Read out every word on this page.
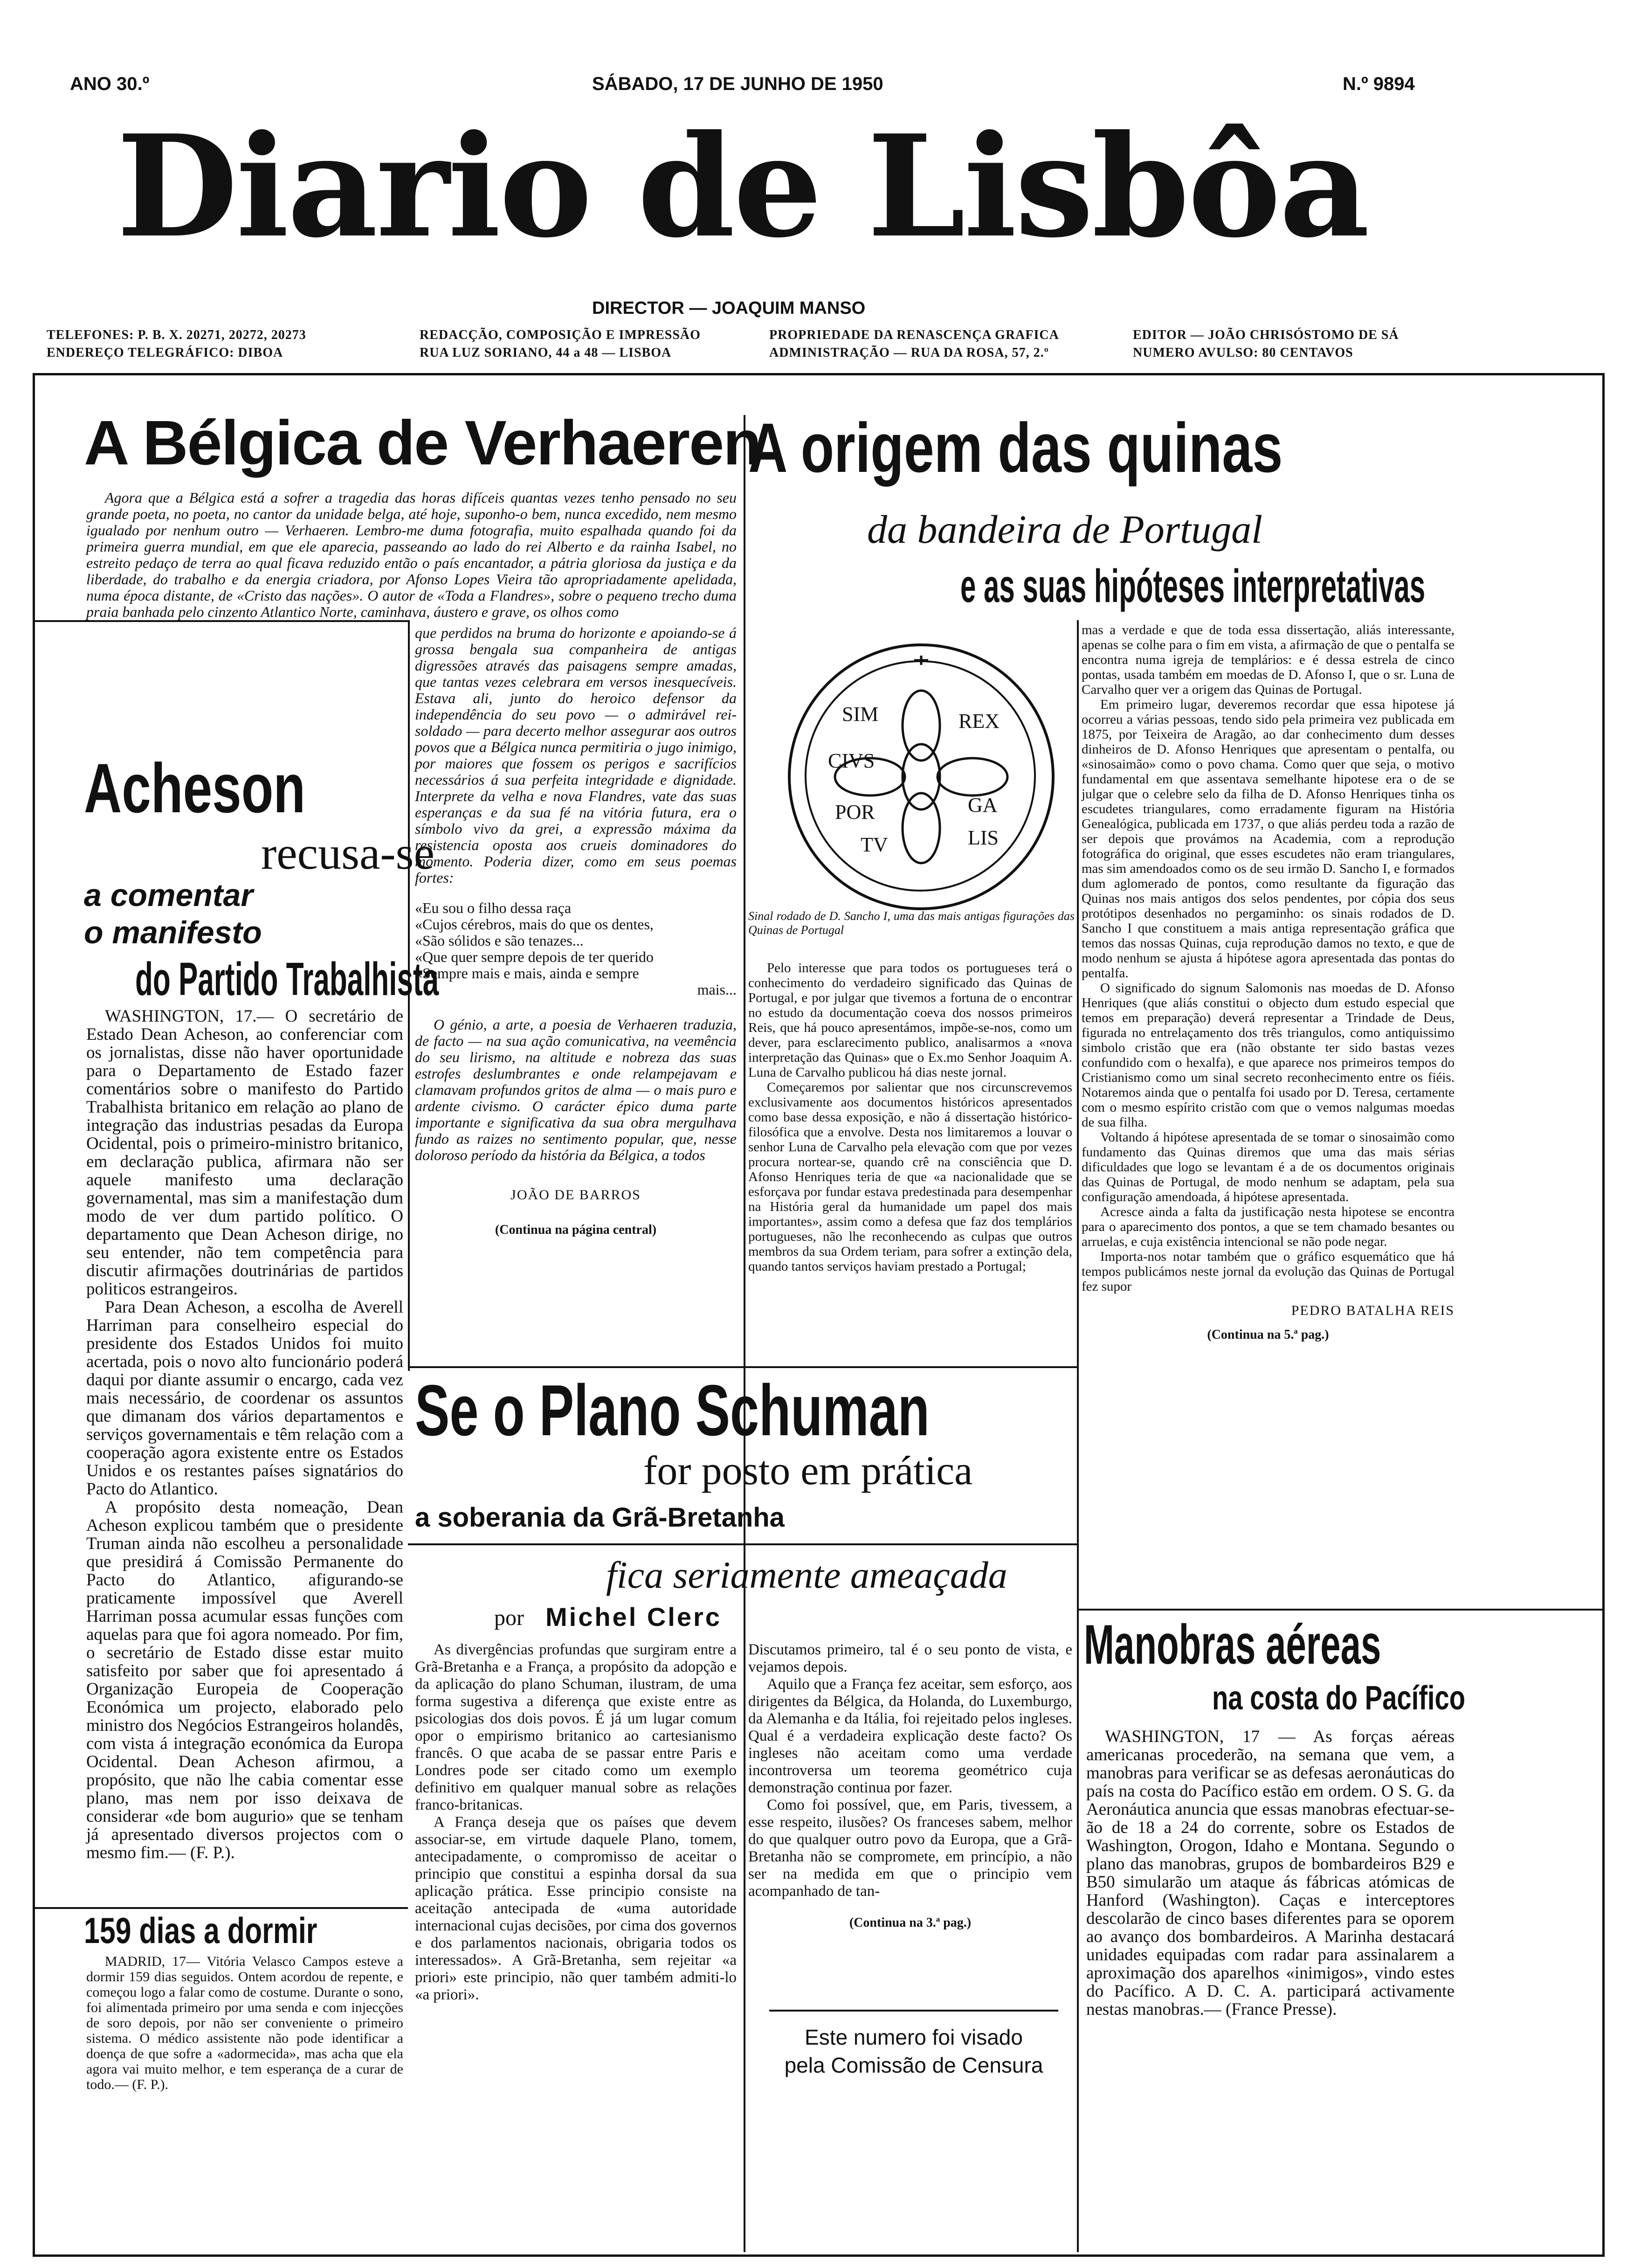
ANO 30.º	SÁBADO, 17 DE JUNHO DE 1950	N.º 9894
Diario de Lisbôa
DIRECTOR — JOAQUIM MANSO
TELEFONES: P. B. X. 20271, 20272, 20273
ENDEREÇO TELEGRÁFICO: DIBOA
REDACÇÃO, COMPOSIÇÃO E IMPRESSÃO
RUA LUZ SORIANO, 44 a 48 — LISBOA
PROPRIEDADE DA RENASCENÇA GRAFICA
ADMINISTRAÇÃO — RUA DA ROSA, 57, 2.º
EDITOR — JOÃO CHRISÓSTOMO DE SÁ
NUMERO AVULSO: 80 CENTAVOS
A Bélgica de Verhaeren

Agora que a Bélgica está a sofrer a tragedia das horas difíceis quantas vezes tenho pensado no seu grande poeta, no poeta, no cantor da unidade belga, até hoje, suponho-o bem, nunca excedido, nem mesmo igualado por nenhum outro — Verhaeren. Lembro-me duma fotografia, muito espalhada quando foi da primeira guerra mundial, em que ele aparecia, passeando ao lado do rei Alberto e da rainha Isabel, no estreito pedaço de terra ao qual ficava reduzido então o país encantador, a pátria gloriosa da justiça e da liberdade, do trabalho e da energia criadora, por Afonso Lopes Vieira tão apropriadamente apelidada, numa época distante, de «Cristo das nações». O autor de «Toda a Flandres», sobre o pequeno trecho duma praia banhada pelo cinzento Atlantico Norte, caminhava, áustero e grave, os olhos como

que perdidos na bruma do horizonte e apoiando-se á grossa bengala sua companheira de antigas digressões através das paisagens sempre amadas, que tantas vezes celebrara em versos inesquecíveis. Estava ali, junto do heroico defensor da independência do seu povo — o admirável rei-soldado — para decerto melhor assegurar aos outros povos que a Bélgica nunca permitiria o jugo inimigo, por maiores que fossem os perigos e sacrifícios necessários á sua perfeita integridade e dignidade. Interprete da velha e nova Flandres, vate das suas esperanças e da sua fé na vitória futura, era o símbolo vivo da grei, a expressão máxima da resistencia oposta aos crueis dominadores do momento. Poderia dizer, como em seus poemas fortes:

«Eu sou o filho dessa raça
«Cujos cérebros, mais do que os dentes,
«São sólidos e são tenazes...
«Que quer sempre depois de ter querido
«Sempre mais e mais, ainda e sempre
mais...

O génio, a arte, a poesia de Verhaeren traduzia, de facto — na sua ação comunicativa, na veemência do seu lirismo, na altitude e nobreza das suas estrofes deslumbrantes e onde relampejavam e clamavam profundos gritos de alma — o mais puro e ardente civismo. O carácter épico duma parte importante e significativa da sua obra mergulhava fundo as raizes no sentimento popular, que, nesse doloroso período da história da Bélgica, a todos

JOÃO DE BARROS
(Continua na página central)
Acheson
recusa-se
a comentar
o manifesto
do Partido Trabalhista

WASHINGTON, 17.— O secretário de Estado Dean Acheson, ao conferenciar com os jornalistas, disse não haver oportunidade para o Departamento de Estado fazer comentários sobre o manifesto do Partido Trabalhista britanico em relação ao plano de integração das industrias pesadas da Europa Ocidental, pois o primeiro-ministro britanico, em declaração publica, afirmara não ser aquele manifesto uma declaração governamental, mas sim a manifestação dum modo de ver dum partido político. O departamento que Dean Acheson dirige, no seu entender, não tem competência para discutir afirmações doutrinárias de partidos politicos estrangeiros.

Para Dean Acheson, a escolha de Averell Harriman para conselheiro especial do presidente dos Estados Unidos foi muito acertada, pois o novo alto funcionário poderá daqui por diante assumir o encargo, cada vez mais necessário, de coordenar os assuntos que dimanam dos vários departamentos e serviços governamentais e têm relação com a cooperação agora existente entre os Estados Unidos e os restantes países signatários do Pacto do Atlantico.

A propósito desta nomeação, Dean Acheson explicou também que o presidente Truman ainda não escolheu a personalidade que presidirá á Comissão Permanente do Pacto do Atlantico, afigurando-se praticamente impossível que Averell Harriman possa acumular essas funções com aquelas para que foi agora nomeado. Por fim, o secretário de Estado disse estar muito satisfeito por saber que foi apresentado á Organização Europeia de Cooperação Económica um projecto, elaborado pelo ministro dos Negócios Estrangeiros holandês, com vista á integração económica da Europa Ocidental. Dean Acheson afirmou, a propósito, que não lhe cabia comentar esse plano, mas nem por isso deixava de considerar «de bom augurio» que se tenham já apresentado diversos projectos com o mesmo fim.— (F. P.).

159 dias a dormir

MADRID, 17— Vitória Velasco Campos esteve a dormir 159 dias seguidos. Ontem acordou de repente, e começou logo a falar como de costume. Durante o sono, foi alimentada primeiro por uma senda e com injecções de soro depois, por não ser conveniente o primeiro sistema. O médico assistente não pode identificar a doença de que sofre a «adormecida», mas acha que ela agora vai muito melhor, e tem esperança de a curar de todo.— (F. P.).

A origem das quinas
da bandeira de Portugal
e as suas hipóteses interpretativas
SIM	REX
CIVS
POR	GA
TV	LIS
Sinal rodado de D. Sancho I, uma das mais antigas figurações das Quinas de Portugal

Pelo interesse que para todos os portugueses terá o conhecimento do verdadeiro significado das Quinas de Portugal, e por julgar que tivemos a fortuna de o encontrar no estudo da documentação coeva dos nossos primeiros Reis, que há pouco apresentámos, impõe-se-nos, como um dever, para esclarecimento publico, analisarmos a «nova interpretação das Quinas» que o Ex.mo Senhor Joaquim A. Luna de Carvalho publicou há dias neste jornal.

Começaremos por salientar que nos circunscrevemos exclusivamente aos documentos históricos apresentados como base dessa exposição, e não á dissertação histórico-filosófica que a envolve. Desta nos limitaremos a louvar o senhor Luna de Carvalho pela elevação com que por vezes procura nortear-se, quando crê na consciência que D. Afonso Henriques teria de que «a nacionalidade que se esforçava por fundar estava predestinada para desempenhar na História geral da humanidade um papel dos mais importantes», assim como a defesa que faz dos templários portugueses, não lhe reconhecendo as culpas que outros membros da sua Ordem teriam, para sofrer a extinção dela, quando tantos serviços haviam prestado a Portugal;

mas a verdade e que de toda essa dissertação, aliás interessante, apenas se colhe para o fim em vista, a afirmação de que o pentalfa se encontra numa igreja de templários: e é dessa estrela de cinco pontas, usada também em moedas de D. Afonso I, que o sr. Luna de Carvalho quer ver a origem das Quinas de Portugal.

Em primeiro lugar, deveremos recordar que essa hipotese já ocorreu a várias pessoas, tendo sido pela primeira vez publicada em 1875, por Teixeira de Aragão, ao dar conhecimento dum desses dinheiros de D. Afonso Henriques que apresentam o pentalfa, ou «sinosaimão» como o povo chama. Como quer que seja, o motivo fundamental em que assentava semelhante hipotese era o de se julgar que o celebre selo da filha de D. Afonso Henriques tinha os escudetes triangulares, como erradamente figuram na História Genealógica, publicada em 1737, o que aliás perdeu toda a razão de ser depois que provámos na Academia, com a reprodução fotográfica do original, que esses escudetes não eram triangulares, mas sim amendoados como os de seu irmão D. Sancho I, e formados dum aglomerado de pontos, como resultante da figuração das Quinas nos mais antigos dos selos pendentes, por cópia dos seus protótipos desenhados no pergaminho: os sinais rodados de D. Sancho I que constituem a mais antiga representação gráfica que temos das nossas Quinas, cuja reprodução damos no texto, e que de modo nenhum se ajusta á hipótese agora apresentada das pontas do pentalfa.

O significado do signum Salomonis nas moedas de D. Afonso Henriques (que aliás constitui o objecto dum estudo especial que temos em preparação) deverá representar a Trindade de Deus, figurada no entrelaçamento dos três triangulos, como antiquissimo simbolo cristão que era (não obstante ter sido bastas vezes confundido com o hexalfa), e que aparece nos primeiros tempos do Cristianismo como um sinal secreto reconhecimento entre os fiéis. Notaremos ainda que o pentalfa foi usado por D. Teresa, certamente com o mesmo espírito cristão com que o vemos nalgumas moedas de sua filha.

Voltando á hipótese apresentada de se tomar o sinosaimão como fundamento das Quinas diremos que uma das mais sérias dificuldades que logo se levantam é a de os documentos originais das Quinas de Portugal, de modo nenhum se adaptam, pela sua configuração amendoada, á hipótese apresentada.

Acresce ainda a falta da justificação nesta hipotese se encontra para o aparecimento dos pontos, a que se tem chamado besantes ou arruelas, e cuja existência intencional se não pode negar.

Importa-nos notar também que o gráfico esquemático que há tempos publicámos neste jornal da evolução das Quinas de Portugal fez supor

PEDRO BATALHA REIS
(Continua na 5.ª pag.)
Se o Plano Schuman
for posto em prática
a soberania da Grã-Bretanha
fica seriamente ameaçada
por Michel Clerc

As divergências profundas que surgiram entre a Grã-Bretanha e a França, a propósito da adopção e da aplicação do plano Schuman, ilustram, de uma forma sugestiva a diferença que existe entre as psicologias dos dois povos. É já um lugar comum opor o empirismo britanico ao cartesianismo francês. O que acaba de se passar entre Paris e Londres pode ser citado como um exemplo definitivo em qualquer manual sobre as relações franco-britanicas.

A França deseja que os países que devem associar-se, em virtude daquele Plano, tomem, antecipadamente, o compromisso de aceitar o principio que constitui a espinha dorsal da sua aplicação prática. Esse principio consiste na aceitação antecipada de «uma autoridade internacional cujas decisões, por cima dos governos e dos parlamentos nacionais, obrigaria todos os interessados». A Grã-Bretanha, sem rejeitar «a priori» este principio, não quer também admiti-lo «a priori».

Discutamos primeiro, tal é o seu ponto de vista, e vejamos depois.

Aquilo que a França fez aceitar, sem esforço, aos dirigentes da Bélgica, da Holanda, do Luxemburgo, da Alemanha e da Itália, foi rejeitado pelos ingleses. Qual é a verdadeira explicação deste facto? Os ingleses não aceitam como uma verdade incontroversa um teorema geométrico cuja demonstração continua por fazer.

Como foi possível, que, em Paris, tivessem, a esse respeito, ilusões? Os franceses sabem, melhor do que qualquer outro povo da Europa, que a Grã-Bretanha não se compromete, em princípio, a não ser na medida em que o principio vem acompanhado de tan-

(Continua na 3.ª pag.)
Este numero foi visado
pela Comissão de Censura
Manobras aéreas
na costa do Pacífico

WASHINGTON, 17 — As forças aéreas americanas procederão, na semana que vem, a manobras para verificar se as defesas aeronáuticas do país na costa do Pacífico estão em ordem. O S. G. da Aeronáutica anuncia que essas manobras efectuar-se-ão de 18 a 24 do corrente, sobre os Estados de Washington, Orogon, Idaho e Montana. Segundo o plano das manobras, grupos de bombardeiros B29 e B50 simularão um ataque ás fábricas atómicas de Hanford (Washington). Caças e interceptores descolarão de cinco bases diferentes para se oporem ao avanço dos bombardeiros. A Marinha destacará unidades equipadas com radar para assinalarem a aproximação dos aparelhos «inimigos», vindo estes do Pacífico. A D. C. A. participará activamente nestas manobras.— (France Presse).
